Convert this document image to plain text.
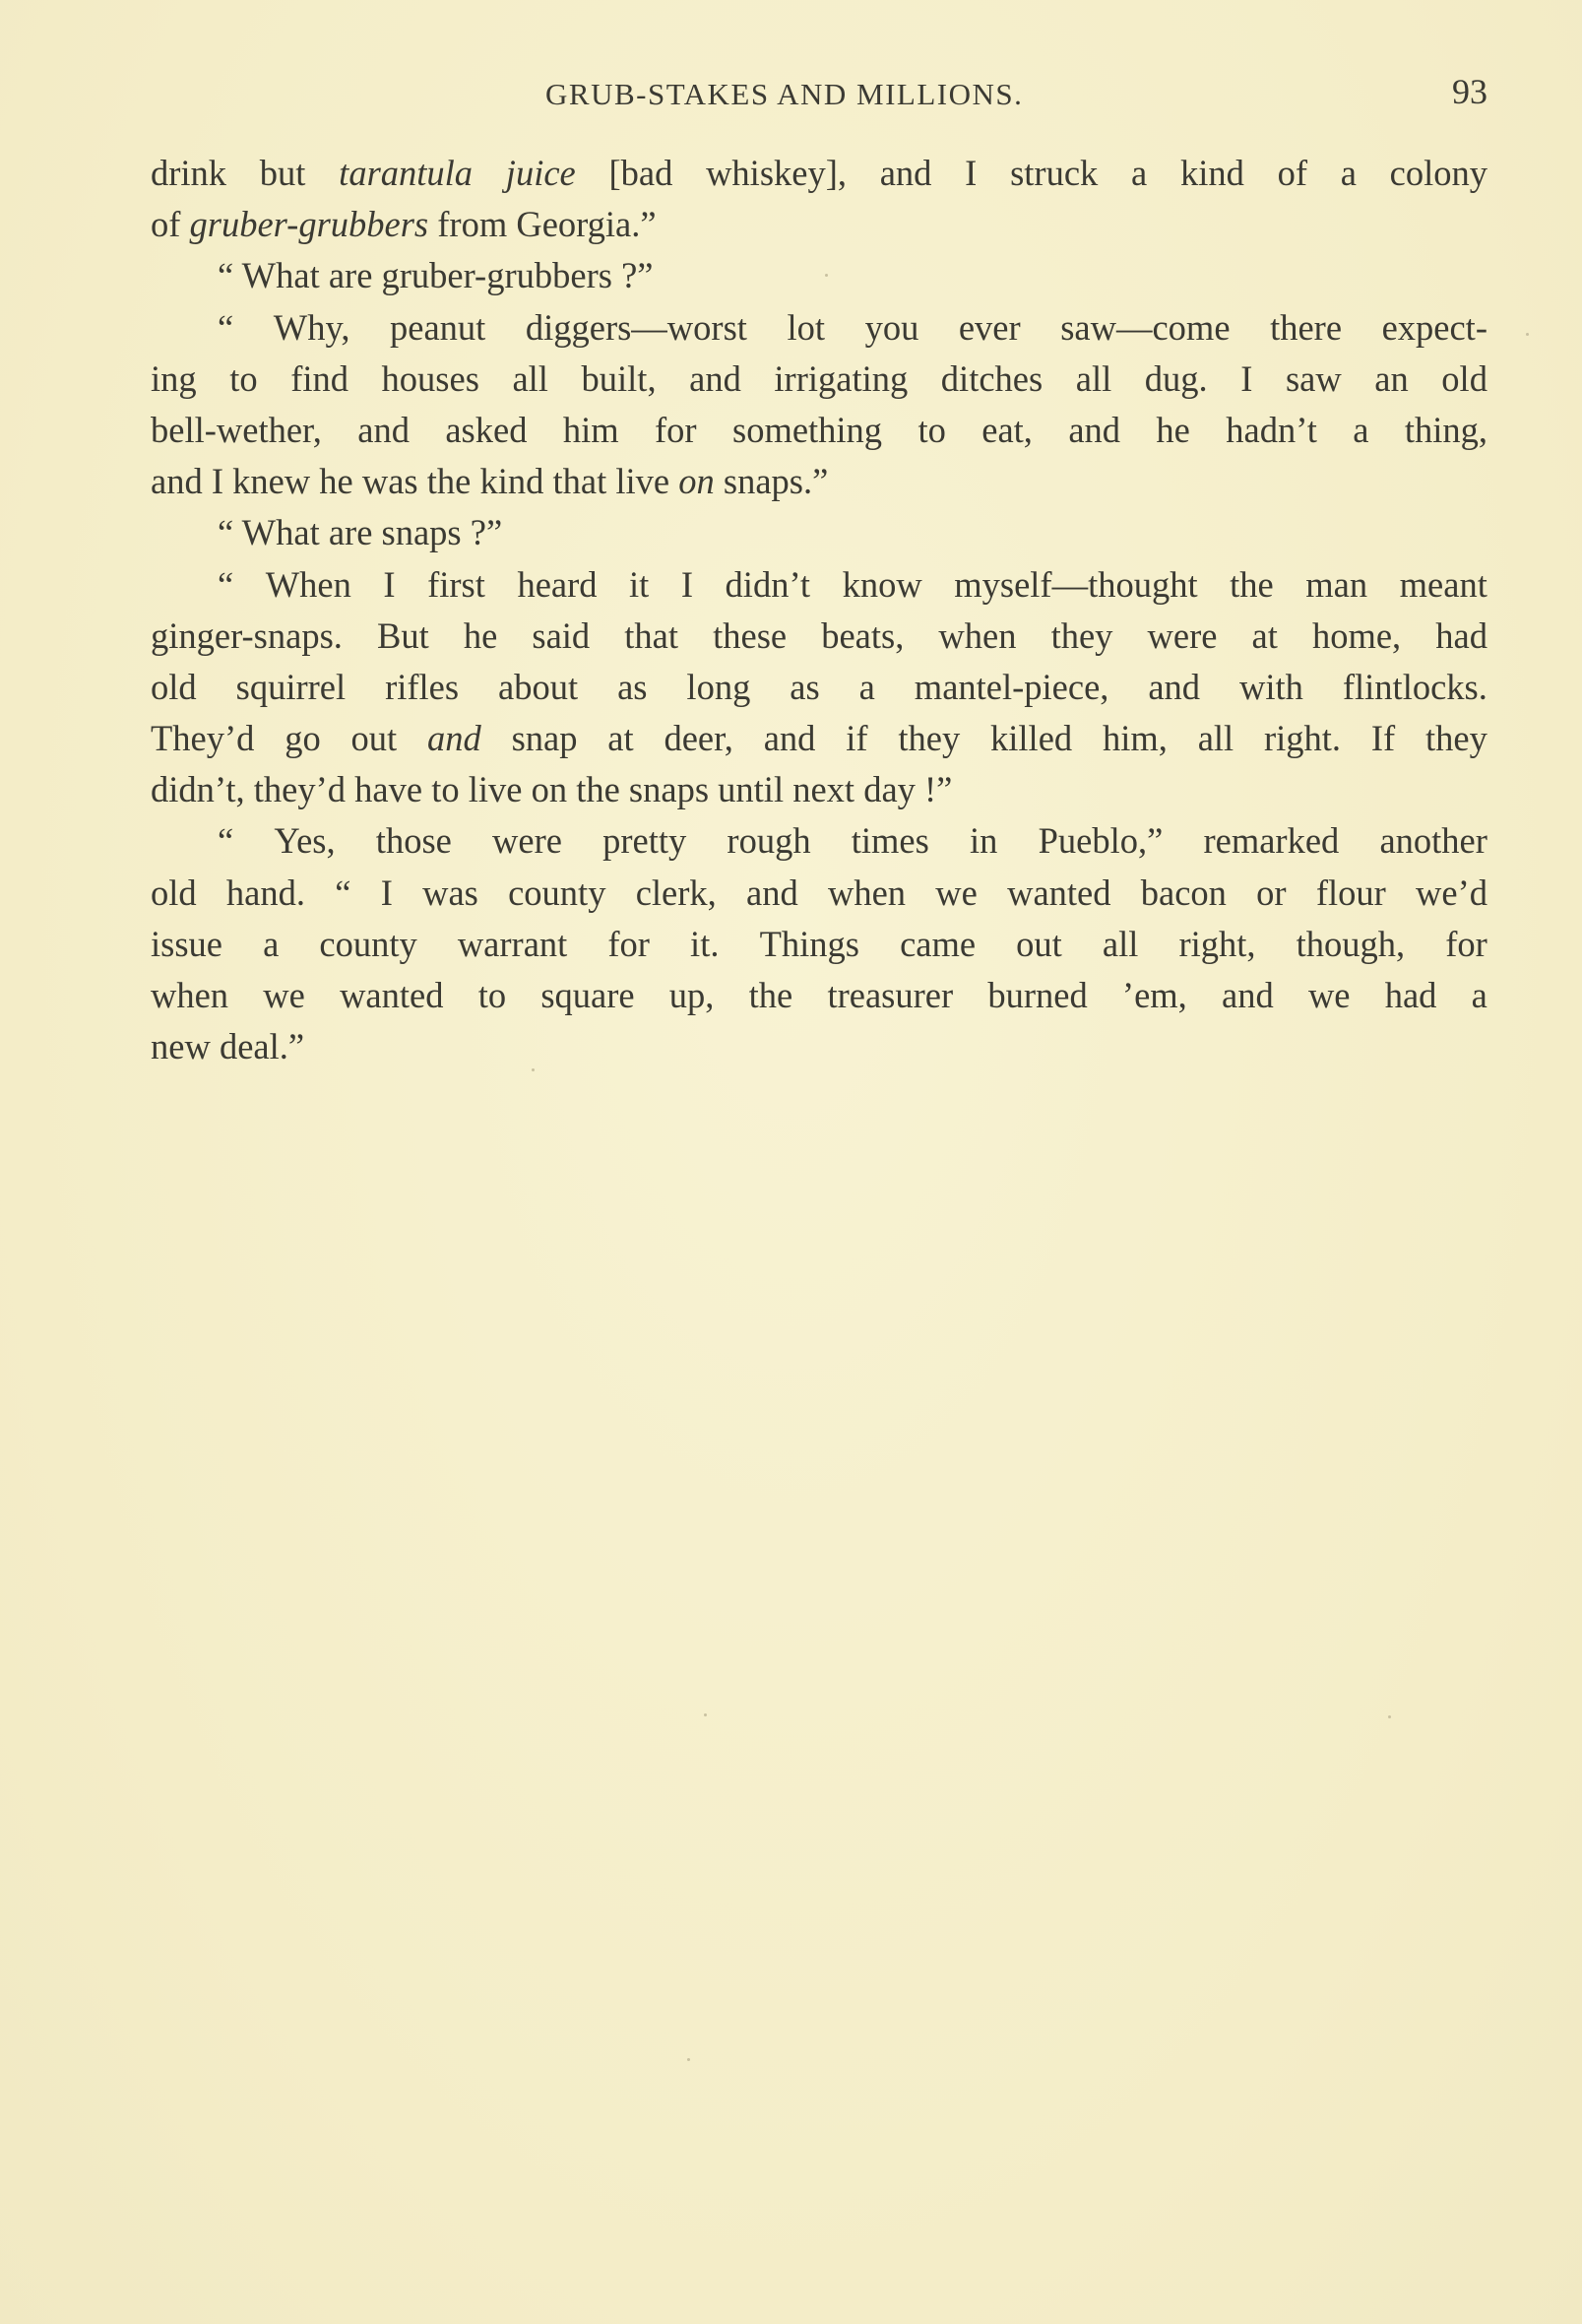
GRUB-STAKES AND MILLIONS.	93
drink but tarantula juice [bad whiskey], and I struck a kind of a colony
of gruber-grubbers from Georgia.”
“ What are gruber-grubbers ?”
“ Why, peanut diggers—worst lot you ever saw—come there expect-
ing to find houses all built, and irrigating ditches all dug. I saw an old
bell-wether, and asked him for something to eat, and he hadn’t a thing,
and I knew he was the kind that live on snaps.”
“ What are snaps ?”
“ When I first heard it I didn’t know myself—thought the man meant
ginger-snaps. But he said that these beats, when they were at home, had
old squirrel rifles about as long as a mantel-piece, and with flintlocks.
They’d go out and snap at deer, and if they killed him, all right. If they
didn’t, they’d have to live on the snaps until next day !”
“ Yes, those were pretty rough times in Pueblo,” remarked another
old hand. “ I was county clerk, and when we wanted bacon or flour we’d
issue a county warrant for it. Things came out all right, though, for
when we wanted to square up, the treasurer burned ’em, and we had a
new deal.”
